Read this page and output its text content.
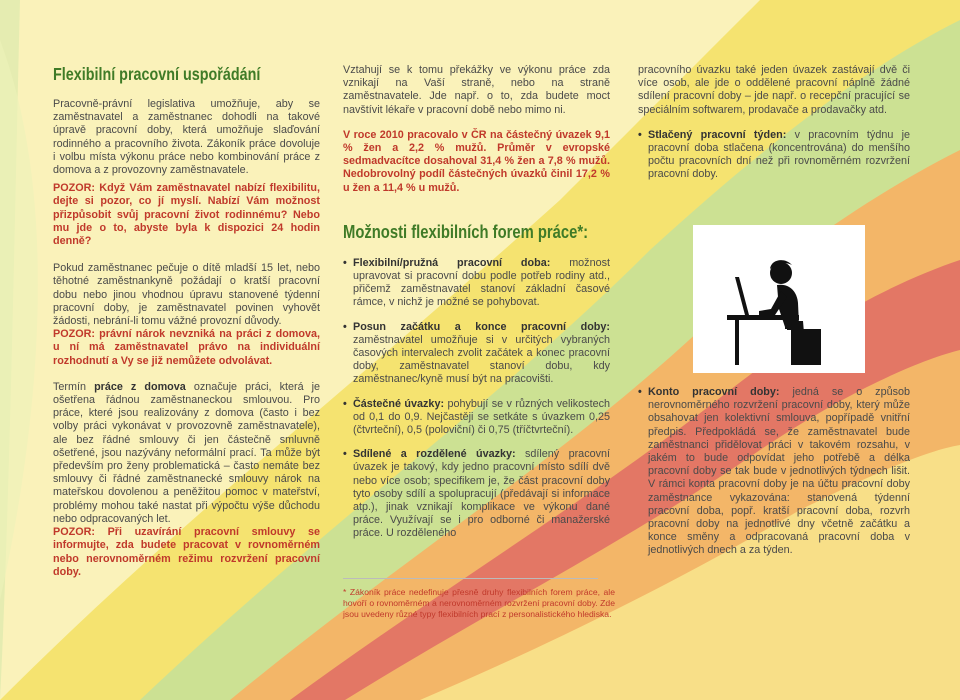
Flexibilní pracovní uspořádání

Pracovně-právní legislativa umožňuje, aby se zaměstnavatel a zaměstnanec dohodli na takové úpravě pracovní doby, která umožňuje slaďování rodinného a pracovního života. Zákoník práce dovoluje i volbu místa výkonu práce nebo kombinování práce z domova a z provozovny zaměstnavatele.

POZOR: Když Vám zaměstnavatel nabízí flexibilitu, dejte si pozor, co jí myslí. Nabízí Vám možnost přizpůsobit svůj pracovní život rodinnému? Nebo mu jde o to, abyste byla k dispozici 24 hodin denně?

Pokud zaměstnanec pečuje o dítě mladší 15 let, nebo těhotné zaměstnankyně požádají o kratší pracovní dobu nebo jinou vhodnou úpravu stanovené týdenní pracovní doby, je zaměstnavatel povinen vyhovět žádosti, nebrání-li tomu vážné provozní důvody.

POZOR: právní nárok nevzniká na práci z domova, u ní má zaměstnavatel právo na individuální rozhodnutí a Vy se již nemůžete odvolávat.

Termín práce z domova označuje práci, která je ošetřena řádnou zaměstnaneckou smlouvou. Pro práce, které jsou realizovány z domova (často i bez volby práci vykonávat v provozovně zaměstnavatele), ale bez řádné smlouvy či jen částečně smluvně ošetřené, jsou nazývány neformální prací. Ta může být především pro ženy problematická – často nemáte bez smlouvy či řádné zaměstnanecké smlouvy nárok na mateřskou dovolenou a peněžitou pomoc v mateřství, problémy mohou také nastat při výpočtu výše důchodu nebo odpracovaných let.

POZOR: Při uzavírání pracovní smlouvy se informujte, zda budete pracovat v rovnoměrném nebo nerovnoměrném režimu rozvržení pracovní doby.

Vztahují se k tomu překážky ve výkonu práce zda vznikají na Vaší straně, nebo na straně zaměstnavatele. Jde např. o to, zda budete moct navštívit lékaře v pracovní době nebo mimo ni.

V roce 2010 pracovalo v ČR na částečný úvazek 9,1 % žen a 2,2 % mužů. Průměr v evropské sedmadvacítce dosahoval 31,4 % žen a 7,8 % mužů. Nedobrovolný podíl částečných úvazků činil 17,2 % u žen a 11,4 % u mužů.

Možnosti flexibilních forem práce*:

• Flexibilní/pružná pracovní doba: možnost upravovat si pracovní dobu podle potřeb rodiny atd., přičemž zaměstnavatel stanoví základní časové rámce, v nichž je možné se pohybovat.

• Posun začátku a konce pracovní doby: zaměstnavatel umožňuje si v určitých vybraných časových intervalech zvolit začátek a konec pracovní doby, zaměstnavatel stanoví dobu, kdy zaměstnanec/kyně musí být na pracovišti.

• Částečné úvazky: pohybují se v různých velikostech od 0,1 do 0,9. Nejčastěji se setkáte s úvazkem 0,25 (čtvrteční), 0,5 (poloviční) či 0,75 (tříčtvrteční).

• Sdílené a rozdělené úvazky: sdílený pracovní úvazek je takový, kdy jedno pracovní místo sdílí dvě nebo více osob; specifikem je, že část pracovní doby tyto osoby sdílí a spolupracují (předávají si informace atp.), jinak vznikají komplikace ve výkonu dané práce. Využívají se i pro odborné či manažerské práce. U rozděleného

* Zákoník práce nedefinuje přesně druhy flexibilních forem práce, ale hovoří o rovnoměrném a nerovnoměrném rozvržení pracovní doby. Zde jsou uvedeny různé typy flexibilních prací z personalistického hlediska.

pracovního úvazku také jeden úvazek zastávají dvě či více osob, ale jde o oddělené pracovní náplně žádné sdílení pracovní doby – jde např. o recepční pracující se speciálním softwarem, prodavače a prodavačky atd.

• Stlačený pracovní týden: v pracovním týdnu je pracovní doba stlačena (koncentrována) do menšího počtu pracovních dní než při rovnoměrném rozvržení pracovní doby.

• Konto pracovní doby: jedná se o způsob nerovnoměrného rozvržení pracovní doby, který může obsahovat jen kolektivní smlouva, popřípadě vnitřní předpis. Předpokládá se, že zaměstnavatel bude zaměstnanci přidělovat práci v takovém rozsahu, v jakém to bude odpovídat jeho potřebě a délka pracovní doby se tak bude v jednotlivých týdnech lišit. V rámci konta pracovní doby je na účtu pracovní doby zaměstnance vykazována: stanovená týdenní pracovní doba, popř. kratší pracovní doba, rozvrh pracovní doby na jednotlivé dny včetně začátku a konce směny a odpracovaná pracovní doba v jednotlivých dnech a za týden.
